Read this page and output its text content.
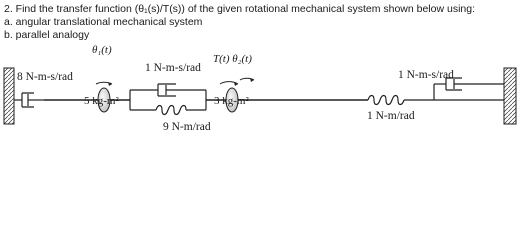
2. Find the transfer function (θ₁(s)/T(s)) of the given rotational mechanical system shown below using:
a. angular translational mechanical system
b. parallel analogy
θ₁(t)
T(t) θ₂(t)
8 N-m-s/rad
5 kg-m²
1 N-m-s/rad
9 N-m/rad
3 kg-m²
1 N-m-s/rad
1 N-m/rad
